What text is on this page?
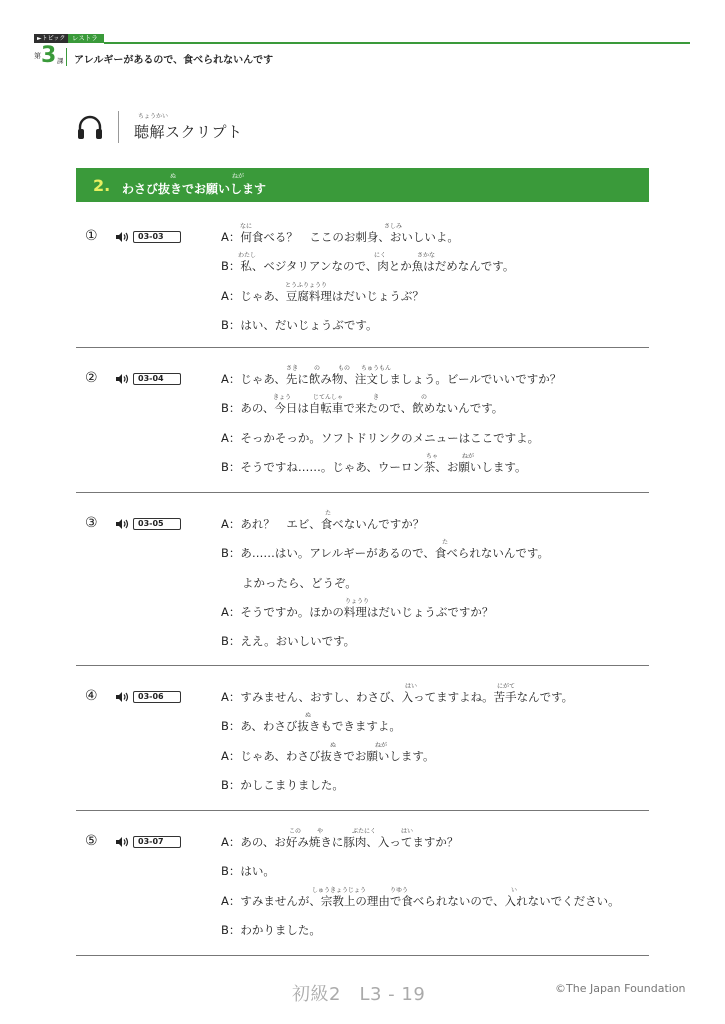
►トピック	レストランで
第 3 課 アレルギーがあるので、食べられないんです
ちょうかい
聴解スクリプト
2.	ぬ	ねが
わさび抜きでお願いします
①	03-03	A：何食べる？　ここのお刺身、おいしいよ。
なに	さしみ
B：私、ベジタリアンなので、肉とか魚はだめなんです。
わたし	にく	さかな
A：じゃあ、豆腐料理はだいじょうぶ？
とうふりょうり
B：はい、だいじょうぶです。
②	03-04	A：じゃあ、先に飲み物、注文しましょう。ビールでいいですか？
さき	の	もの ちゅうもん
B：あの、今日は自転車で来たので、飲めないんです。
きょう	じてんしゃ	き	の
A：そっかそっか。ソフトドリンクのメニューはここですよ。
B：そうですね……。じゃあ、ウーロン茶、お願いします。
ちゃ	ねが
③	03-05	A：あれ？　エビ、食べないんですか？
た
B：あ……はい。アレルギーがあるので、食べられないんです。
た
よかったら、どうぞ。
A：そうですか。ほかの料理はだいじょうぶですか？
りょうり
B：ええ。おいしいです。
④	03-06	A：すみません、おすし、わさび、入ってますよね。苦手なんです。
はい	にがて
B：あ、わさび抜きもできますよ。
ぬ
A：じゃあ、わさび抜きでお願いします。
ぬ	ねが
B：かしこまりました。
⑤	03-07	A：あの、お好み焼きに豚肉、入ってますか？
この	や	ぶたにく	はい
B：はい。
A：すみませんが、宗教上の理由で食べられないので、入れないでください。
しゅうきょうじょう	りゆう	い
B：わかりました。
初級2　L3 - 19	©The Japan Foundation
